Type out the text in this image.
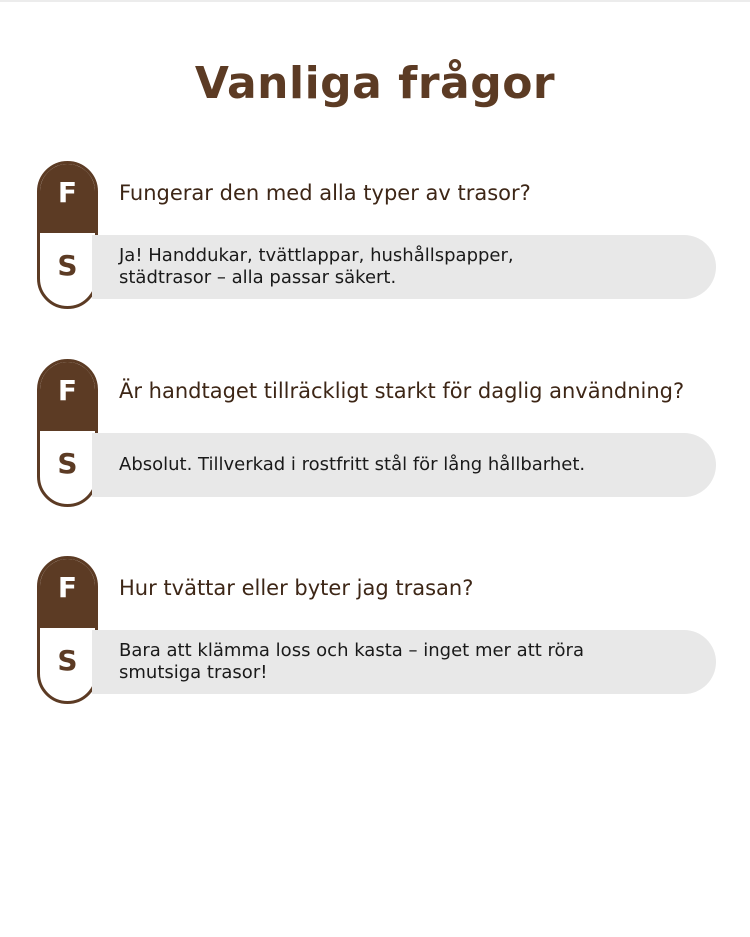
Vanliga frågor
F
S
Fungerar den med alla typer av trasor?
Ja! Handdukar, tvättlappar, hushållspapper, städtrasor – alla passar säkert.
F
S
Är handtaget tillräckligt starkt för daglig användning?
Absolut. Tillverkad i rostfritt stål för lång hållbarhet.
F
S
Hur tvättar eller byter jag trasan?
Bara att klämma loss och kasta – inget mer att röra smutsiga trasor!
